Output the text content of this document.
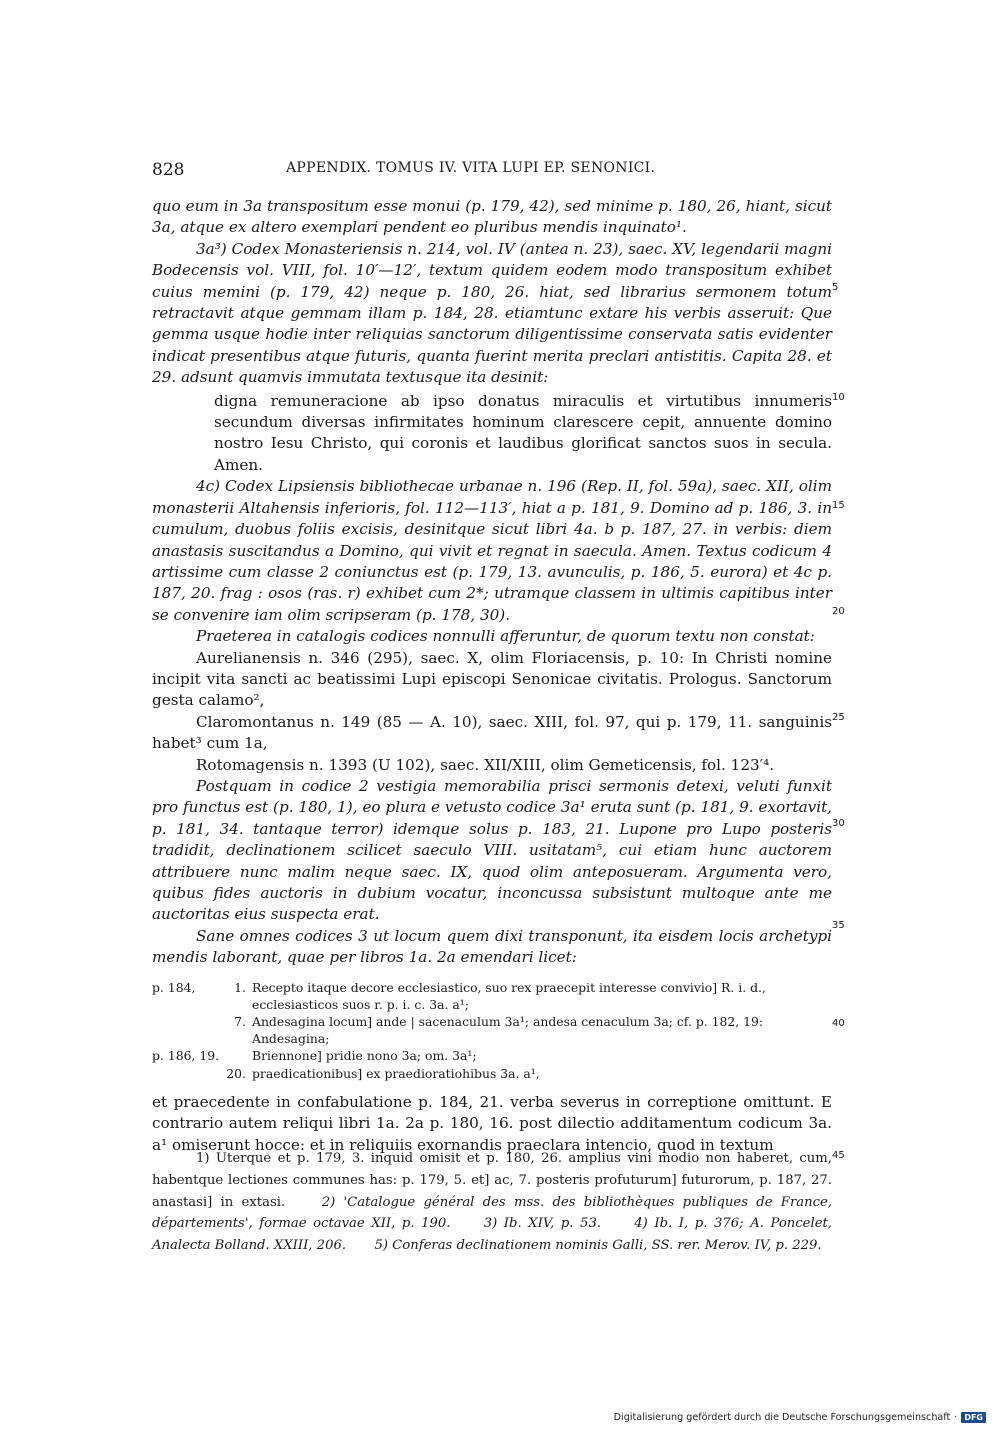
828	APPENDIX. TOMUS IV. VITA LUPI EP. SENONICI.

quo eum in 3a transpositum esse monui (p. 179, 42), sed minime p. 180, 26, hiant, sicut 3a, atque ex altero exemplari pendent eo pluribus mendis inquinato¹.

3a³) Codex Monasteriensis n. 214, vol. IV (antea n. 23), saec. XV, legendarii magni Bodecensis vol. VIII, fol. 10′—12′, textum quidem eodem modo transpositum exhibet cuius memini (p. 179, 42) neque p. 180, 26. hiat, sed librarius sermonem totum retractavit atque gemmam illam p. 184, 28. etiamtunc extare his verbis asseruit: Que gemma usque hodie inter reliquias sanctorum diligentissime conservata satis evidenter indicat presentibus atque futuris, quanta fuerint merita preclari antistitis. Capita 28. et 29. adsunt quamvis immutata textusque ita desinit:

digna remuneracione ab ipso donatus miraculis et virtutibus innumeris secundum diversas infirmitates hominum clarescere cepit, annuente domino nostro Iesu Christo, qui coronis et laudibus glorificat sanctos suos in secula. Amen.

4c) Codex Lipsiensis bibliothecae urbanae n. 196 (Rep. II, fol. 59a), saec. XII, olim monasterii Altahensis inferioris, fol. 112—113′, hiat a p. 181, 9. Domino ad p. 186, 3. in cumulum, duobus foliis excisis, desinitque sicut libri 4a. b p. 187, 27. in verbis: diem anastasis suscitandus a Domino, qui vivit et regnat in saecula. Amen. Textus codicum 4 artissime cum classe 2 coniunctus est (p. 179, 13. avunculis, p. 186, 5. eurora) et 4c p. 187, 20. frag : osos (ras. r) exhibet cum 2*; utramque classem in ultimis capitibus inter se convenire iam olim scripseram (p. 178, 30).

Praeterea in catalogis codices nonnulli afferuntur, de quorum textu non constat:

Aurelianensis n. 346 (295), saec. X, olim Floriacensis, p. 10: In Christi nomine incipit vita sancti ac beatissimi Lupi episcopi Senonicae civitatis. Prologus. Sanctorum gesta calamo²,

Claromontanus n. 149 (85 — A. 10), saec. XIII, fol. 97, qui p. 179, 11. sanguinis habet³ cum 1a,

Rotomagensis n. 1393 (U 102), saec. XII/XIII, olim Gemeticensis, fol. 123′⁴.

Postquam in codice 2 vestigia memorabilia prisci sermonis detexi, veluti funxit pro functus est (p. 180, 1), eo plura e vetusto codice 3a¹ eruta sunt (p. 181, 9. exortavit, p. 181, 34. tantaque terror) idemque solus p. 183, 21. Lupone pro Lupo posteris tradidit, declinationem scilicet saeculo VIII. usitatam⁵, cui etiam hunc auctorem attribuere nunc malim neque saec. IX, quod olim anteposueram. Argumenta vero, quibus fides auctoris in dubium vocatur, inconcussa subsistunt multoque ante me auctoritas eius suspecta erat.

Sane omnes codices 3 ut locum quem dixi transponunt, ita eisdem locis archetypi mendis laborant, quae per libros 1a. 2a emendari licet:

p. 184,	1. Recepto itaque decore ecclesiastico, suo rex praecepit interesse convivio] R. i. d., ecclesiasticos suos r. p. i. c. 3a. a¹;
7. Andesagina locum] ande | sacenaculum 3a¹; andesa cenaculum 3a; cf. p. 182, 19: Andesagina;
p. 186, 19.	Briennone] pridie nono 3a; om. 3a¹;
20. praedicationibus] ex praedioratiohibus 3a. a¹,

et praecedente in confabulatione p. 184, 21. verba severus in correptione omittunt. E contrario autem reliqui libri 1a. 2a p. 180, 16. post dilectio additamentum codicum 3a. a¹ omiserunt hocce: et in reliquiis exornandis praeclara intencio, quod in textum

5
10
15
20
25
30
35
40
45

1) Uterque et p. 179, 3. inquid omisit et p. 180, 26. amplius vini modio non haberet, cum, habentque lectiones communes has: p. 179, 5. et] ac, 7. posteris profuturum] futurorum, p. 187, 27. anastasi] in extasi.	2) 'Catalogue général des mss. des bibliothèques publiques de France, départements', formae octavae XII, p. 190.	3) Ib. XIV, p. 53.	4) Ib. I, p. 376; A. Poncelet, Analecta Bolland. XXIII, 206. 5) Conferas declinationem nominis Galli, SS. rer. Merov. IV, p. 229.

Digitalisierung gefördert durch die Deutsche Forschungsgemeinschaft · DFG
